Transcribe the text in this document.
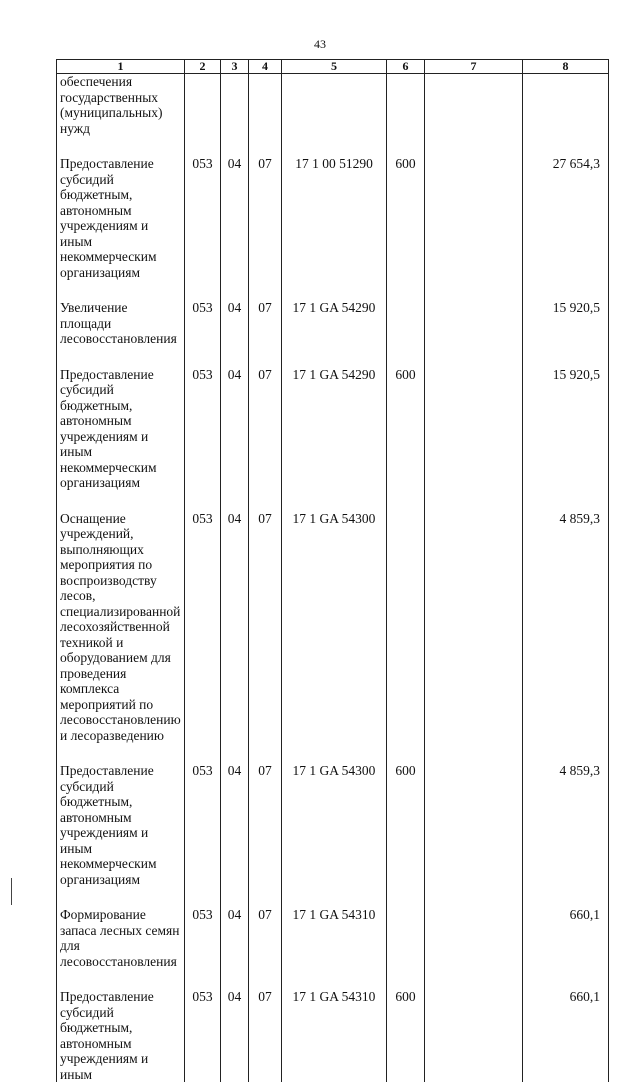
43
1	2	3	4	5	6	7	8
обеспечения государственных (муниципальных) нужд							

Предоставление субсидий бюджетным, автономным учреждениям и иным некоммерческим организациям	053	04	07	17 1 00 51290	600		27 654,3

Увеличение площади лесовосстановления	053	04	07	17 1 GA 54290			15 920,5

Предоставление субсидий бюджетным, автономным учреждениям и иным некоммерческим организациям	053	04	07	17 1 GA 54290	600		15 920,5

Оснащение учреждений, выполняющих мероприятия по воспроизводству лесов, специализированной лесохозяйственной техникой и оборудованием для проведения комплекса мероприятий по лесовосстановлению и лесоразведению	053	04	07	17 1 GA 54300			4 859,3

Предоставление субсидий бюджетным, автономным учреждениям и иным некоммерческим организациям	053	04	07	17 1 GA 54300	600		4 859,3

Формирование запаса лесных семян для лесовосстановления	053	04	07	17 1 GA 54310			660,1

Предоставление субсидий бюджетным, автономным учреждениям и иным	053	04	07	17 1 GA 54310	600		660,1
